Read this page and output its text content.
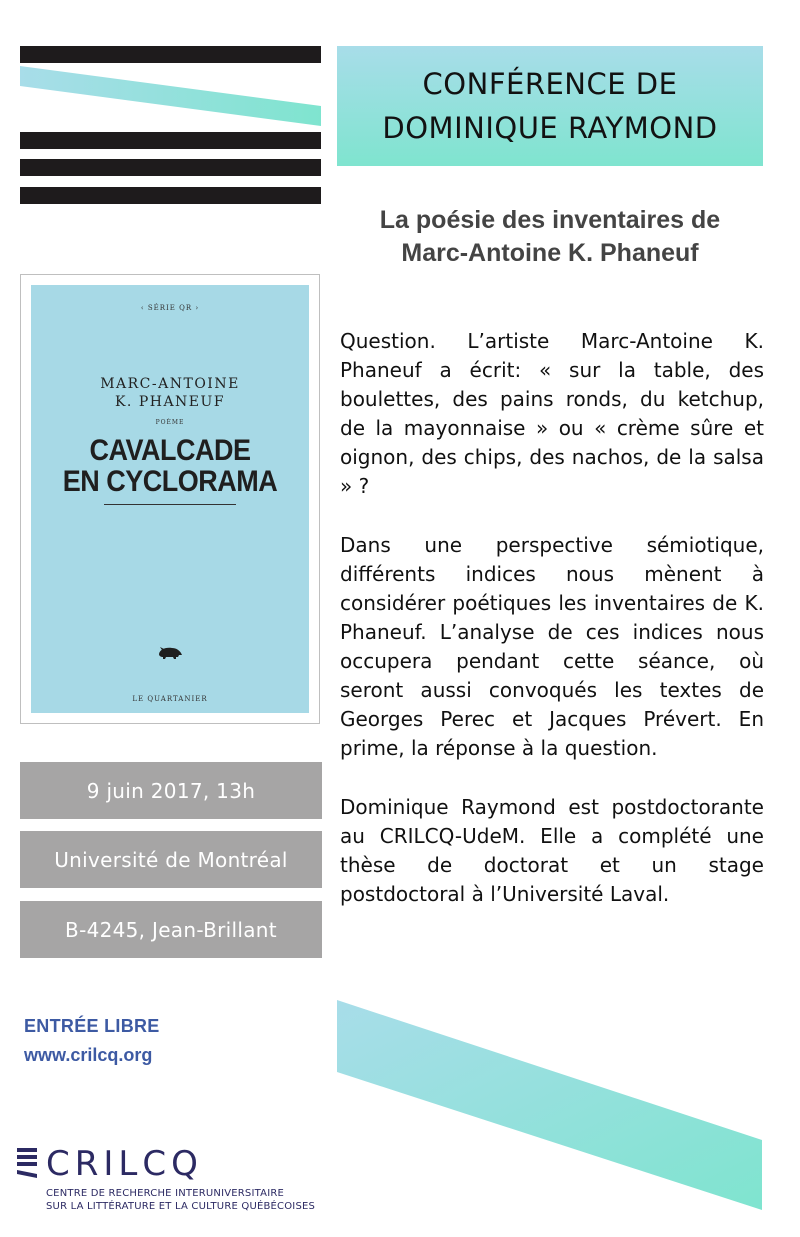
CONFÉRENCE DE
DOMINIQUE RAYMOND
La poésie des inventaires de
Marc-Antoine K. Phaneuf
‹ SÉRIE QR ›
MARC-ANTOINE
K. PHANEUF
POÈME
CAVALCADE
EN CYCLORAMA
LE QUARTANIER
9 juin 2017, 13h
Université de Montréal
B-4245, Jean-Brillant

Question. L’artiste Marc-Antoine K. Phaneuf a écrit: « sur la table, des boulettes, des pains ronds, du ketchup, de la mayonnaise » ou « crème sûre et oignon, des chips, des nachos, de la salsa » ?

Dans une perspective sémiotique, différents indices nous mènent à considérer poétiques les inventaires de K. Phaneuf. L’analyse de ces indices nous occupera pendant cette séance, où seront aussi convoqués les textes de Georges Perec et Jacques Prévert. En prime, la réponse à la question.

Dominique Raymond est postdoctorante au CRILCQ-UdeM. Elle a complété une thèse de doctorat et un stage postdoctoral à l’Université Laval.

ENTRÉE LIBRE
www.crilcq.org
CRILCQ
CENTRE DE RECHERCHE INTERUNIVERSITAIRE
SUR LA LITTÉRATURE ET LA CULTURE QUÉBÉCOISES
